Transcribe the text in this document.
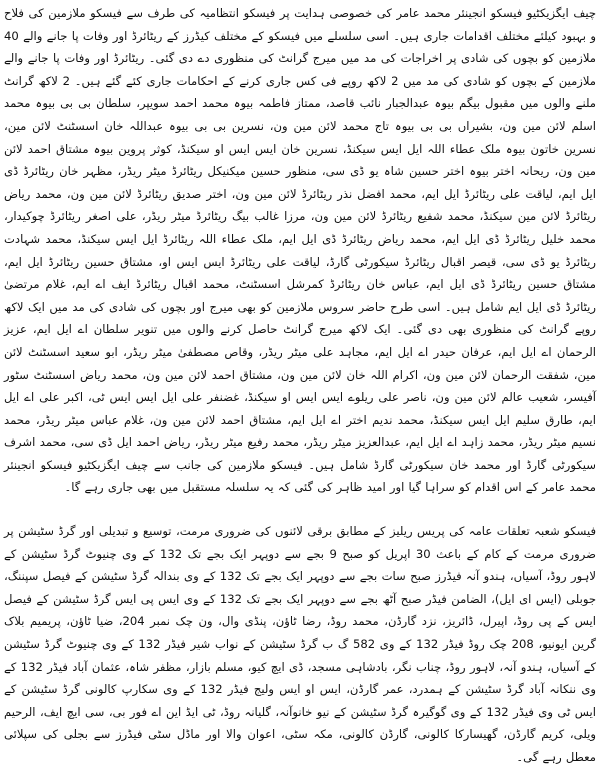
چیف ایگزیکٹیو فیسکو انجینئر محمد عامر کی خصوصی ہدایت پر فیسکو انتظامیہ کی طرف سے فیسکو ملازمین کی فلاح و بہبود کیلئے مختلف اقدامات جاری ہیں۔ اسی سلسلے میں فیسکو کے مختلف کیڈرز کے ریٹائرڈ اور وفات پا جانے والے 40 ملازمین کو بچوں کی شادی پر اخراجات کی مد میں میرج گرانٹ کی منظوری دے دی گئی۔ ریٹائرڈ اور وفات پا جانے والے ملازمین کے بچوں کو شادی کی مد میں 2 لاکھ روپے فی کس جاری کرنے کے احکامات جاری کئے گئے ہیں۔ 2 لاکھ گرانٹ ملنے والوں میں مقبول بیگم بیوہ عبدالجبار نائب قاصد، ممتاز فاطمہ بیوہ محمد احمد سویپر، سلطان بی بی بیوہ محمد اسلم لائن مین ون، بشیراں بی بی بیوہ تاج محمد لائن مین ون، نسرین بی بی بیوہ عبداللہ خان اسسٹنٹ لائن مین، نسرین خاتون بیوہ ملک عطاء اللہ ایل ایس سیکنڈ، نسرین خان ایس ایس او سیکنڈ، کوثر پروین بیوہ مشتاق احمد لائن مین ون، ریحانہ اختر بیوہ اختر حسین شاہ یو ڈی سی، منظور حسین میکنیکل ریٹائرڈ میٹر ریڈر، مظہر خان ریٹائرڈ ڈی ایل ایم، لیاقت علی ریٹائرڈ ایل ایم، محمد افضل نذر ریٹائرڈ لائن مین ون، اختر صدیق ریٹائرڈ لائن مین ون، محمد ریاض ریٹائرڈ لائن مین سیکنڈ، محمد شفیع ریٹائرڈ لائن مین ون، مرزا غالب بیگ ریٹائرڈ میٹر ریڈر، علی اصغر ریٹائرڈ چوکیدار، محمد خلیل ریٹائرڈ ڈی ایل ایم، محمد ریاض ریٹائرڈ ڈی ایل ایم، ملک عطاء اللہ ریٹائرڈ ایل ایس سیکنڈ، محمد شہادت ریٹائرڈ یو ڈی سی، قیصر اقبال ریٹائرڈ سیکورٹی گارڈ، لیاقت علی ریٹائرڈ ایس ایس او، مشتاق حسین ریٹائرڈ ایل ایم، مشتاق حسین ریٹائرڈ ڈی ایل ایم، عباس خان ریٹائرڈ کمرشل اسسٹنٹ، محمد اقبال ریٹائرڈ ایف اے ایم، غلام مرتضیٰ ریٹائرڈ ڈی ایل ایم شامل ہیں۔ اسی طرح حاضر سروس ملازمین کو بھی میرج اور بچوں کی شادی کی مد میں ایک لاکھ روپے گرانٹ کی منظوری بھی دی گئی۔ ایک لاکھ میرج گرانٹ حاصل کرنے والوں میں تنویر سلطان اے ایل ایم، عزیز الرحمان اے ایل ایم، عرفان حیدر اے ایل ایم، مجاہد علی میٹر ریڈر، وقاص مصطفیٰ میٹر ریڈر، ابو سعید اسسٹنٹ لائن مین، شفقت الرحمان لائن مین ون، اکرام اللہ خان لائن مین ون، مشتاق احمد لائن مین ون، محمد ریاض اسسٹنٹ سٹور آفیسر، شعیب عالم لائن مین ون، ناصر علی ریلوے ایس ایس او سیکنڈ، غضنفر علی ایل ایس ایس ٹی، اکبر علی اے ایل ایم، طارق سلیم ایل ایس سیکنڈ، محمد ندیم اختر اے ایل ایم، مشتاق احمد لائن مین ون، غلام عباس میٹر ریڈر، محمد نسیم میٹر ریڈر، محمد زاہد اے ایل ایم، عبدالعزیز میٹر ریڈر، محمد رفیع میٹر ریڈر، ریاض احمد ایل ڈی سی، محمد اشرف سیکورٹی گارڈ اور محمد خان سیکورٹی گارڈ شامل ہیں۔ فیسکو ملازمین کی جانب سے چیف ایگزیکٹیو فیسکو انجینئر محمد عامر کے اس اقدام کو سراہا گیا اور امید ظاہر کی گئی کہ یہ سلسلہ مستقبل میں بھی جاری رہے گا۔

فیسکو شعبہ تعلقات عامہ کی پریس ریلیز کے مطابق برقی لائنوں کی ضروری مرمت، توسیع و تبدیلی اور گرڈ سٹیشن پر ضروری مرمت کے کام کے باعث 30 اپریل کو صبح 9 بجے سے دوپہر ایک بجے تک 132 کے وی چنیوٹ گرڈ سٹیشن کے لاہور روڈ، آسیاں، ہندو آنہ فیڈرز صبح سات بجے سے دوپہر ایک بجے تک 132 کے وی بندالہ گرڈ سٹیشن کے فیصل سپننگ، جوبلی (ایس ای ایل)، الضامن فیڈر صبح آٹھ بجے سے دوپہر ایک بجے تک 132 کے وی ایس پی ایس گرڈ سٹیشن کے فیصل ایس کے پی روڈ، اپیرل، ڈائریز، نزد گارڈن، محمد روڈ، رضا ٹاؤن، پنڈی وال، ون چک نمبر 204، ضیا ٹاؤن، پریمیم بلاک گرین ایونیو، 208 چک روڈ فیڈر 132 کے وی 582 گ ب گرڈ سٹیشن کے نواب شیر فیڈر 132 کے وی چنیوٹ گرڈ سٹیشن کے آسیاں، ہندو آنہ، لاہور روڈ، چناب نگر، بادشاہی مسجد، ڈی ایچ کیو، مسلم بازار، مظفر شاہ، عثمان آباد فیڈر 132 کے وی ننکانہ آباد گرڈ سٹیشن کے ہمدرد، عمر گارڈن، ایس او ایس ولیج فیڈر 132 کے وی سکارپ کالونی گرڈ سٹیشن کے ایس ٹی وی فیڈر 132 کے وی گوگیرہ گرڈ سٹیشن کے نیو خانوآنہ، گلیانہ روڈ، ٹی ایڈ این اے فور بی، سی ایچ ایف، الرحیم ویلی، کریم گارڈن، گھیسارکا کالونی، گارڈن کالونی، مکہ سٹی، اعوان والا اور ماڈل سٹی فیڈرز سے بجلی کی سپلائی معطل رہے گی۔
